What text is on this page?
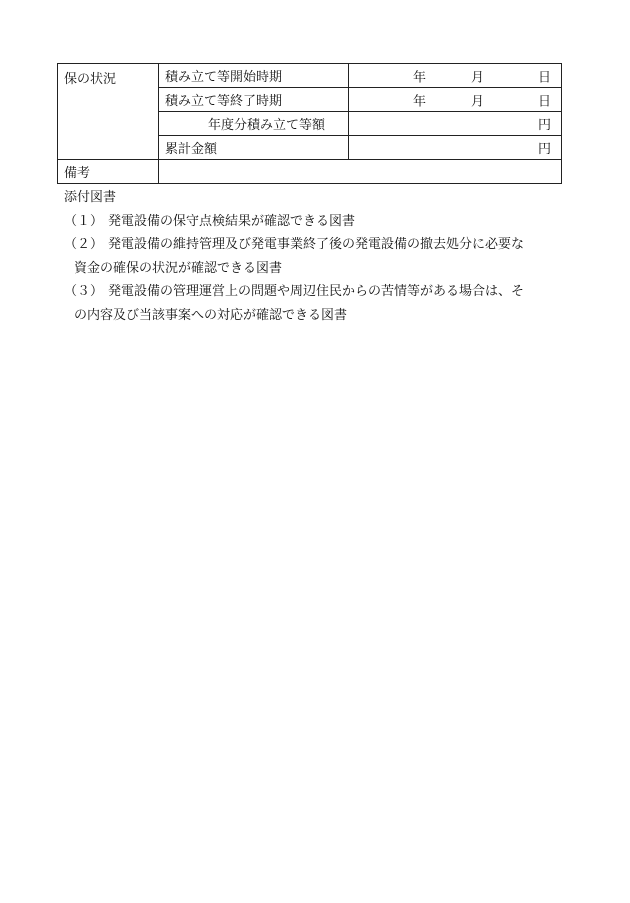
保の状況	積み立て等開始時期	年 月 日

	積み立て等終了時期	年 月 日

	年度分積み立て等額	円
	累計金額	円
備考		

添付図書

（１） 発電設備の保守点検結果が確認できる図書
（２） 発電設備の維持管理及び発電事業終了後の発電設備の撤去処分に必要な
資金の確保の状況が確認できる図書
（３） 発電設備の管理運営上の問題や周辺住民からの苦情等がある場合は、そ
の内容及び当該事案への対応が確認できる図書
